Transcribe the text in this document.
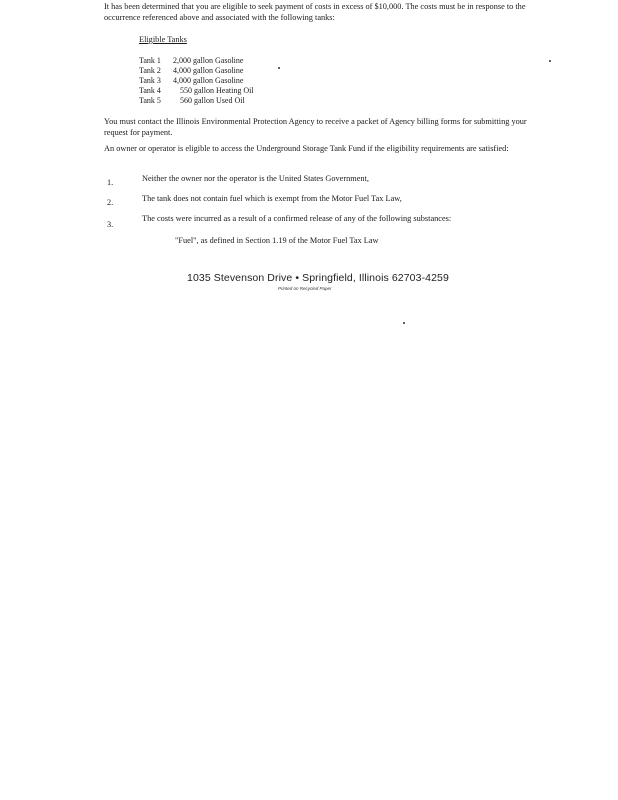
It has been determined that you are eligible to seek payment of costs in excess of $10,000. The costs must be in response to the occurrence referenced above and associated with the following tanks:
Eligible Tanks
Tank 1 2,000 gallon Gasoline
Tank 2 4,000 gallon Gasoline
Tank 3 4,000 gallon Gasoline
Tank 4 550 gallon Heating Oil
Tank 5 560 gallon Used Oil
You must contact the Illinois Environmental Protection Agency to receive a packet of Agency billing forms for submitting your request for payment.
An owner or operator is eligible to access the Underground Storage Tank Fund if the eligibility requirements are satisfied:
1.	Neither the owner nor the operator is the United States Government,
2.	The tank does not contain fuel which is exempt from the Motor Fuel Tax Law,
3.
The costs were incurred as a result of a confirmed release of any of the following substances:
"Fuel", as defined in Section 1.19 of the Motor Fuel Tax Law
1035 Stevenson Drive • Springfield, Illinois 62703-4259
Printed on Recycled Paper
